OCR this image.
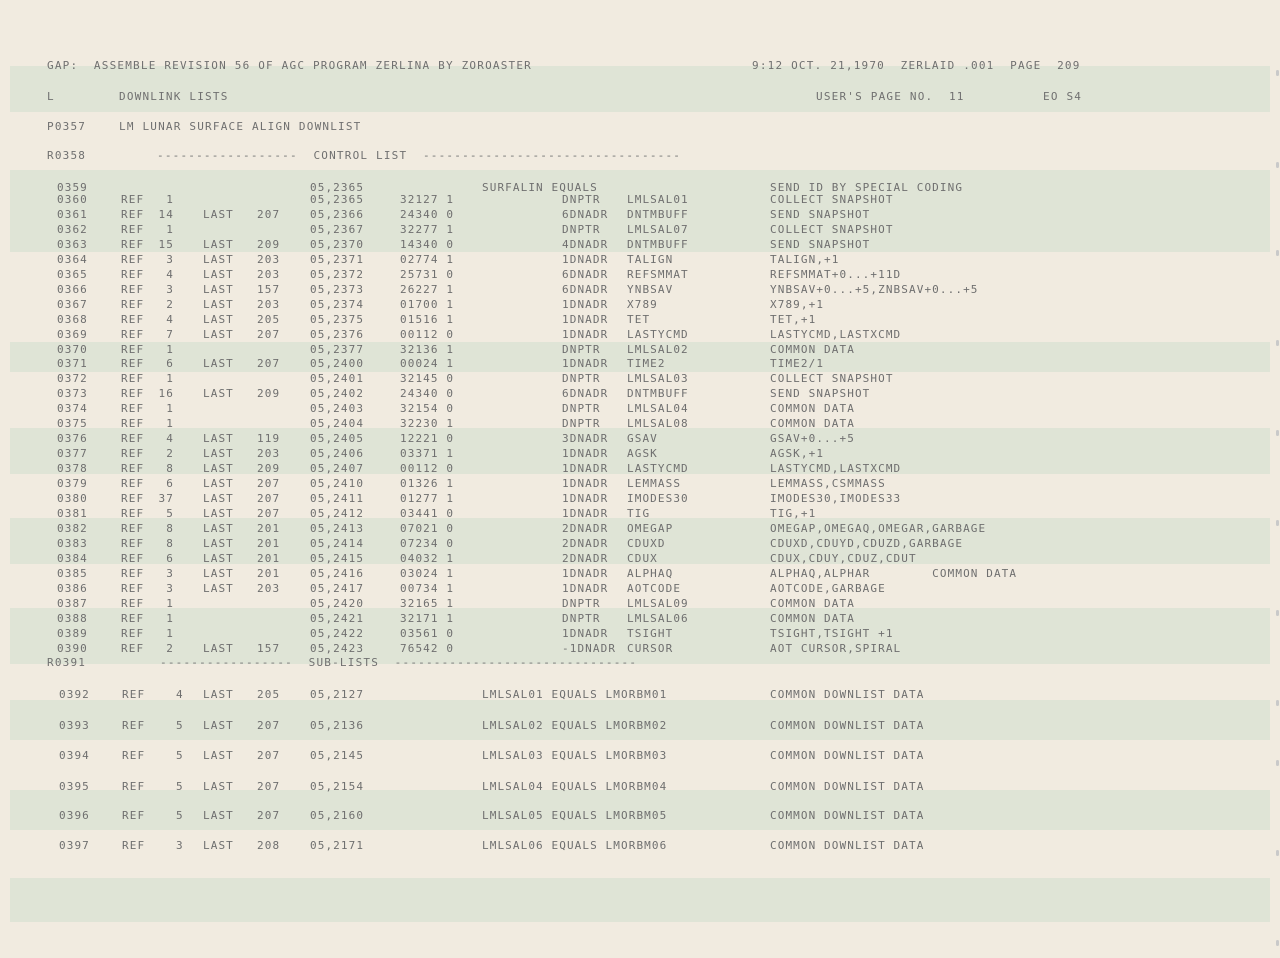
GAP:  ASSEMBLE REVISION 56 OF AGC PROGRAM ZERLINA BY ZOROASTER	9:12 OCT. 21,1970  ZERLAID .001  PAGE  209
L	DOWNLINK LISTS	USER'S PAGE NO.  11	EO S4
P0357	LM LUNAR SURFACE ALIGN DOWNLIST
R0358	------------------  CONTROL LIST  ---------------------------------
0359	05,2365	SURFALIN EQUALS	SEND ID BY SPECIAL CODING
0360	REF	1	05,2365	32127 1	DNPTR LMLSAL01	COLLECT SNAPSHOT
0361	REF	14	LAST 207	05,2366	24340 0	6DNADR DNTMBUFF	SEND SNAPSHOT
0362	REF	1	05,2367	32277 1	DNPTR LMLSAL07	COLLECT SNAPSHOT
0363	REF	15	LAST 209	05,2370	14340 0	4DNADR DNTMBUFF	SEND SNAPSHOT
0364	REF	3	LAST 203	05,2371	02774 1	1DNADR TALIGN	TALIGN,+1
0365	REF	4	LAST 203	05,2372	25731 0	6DNADR REFSMMAT	REFSMMAT+0...+11D
0366	REF	3	LAST 157	05,2373	26227 1	6DNADR YNBSAV	YNBSAV+0...+5,ZNBSAV+0...+5
0367	REF	2	LAST 203	05,2374	01700 1	1DNADR X789	X789,+1
0368	REF	4	LAST 205	05,2375	01516 1	1DNADR TET	TET,+1
0369	REF	7	LAST 207	05,2376	00112 0	1DNADR LASTYCMD	LASTYCMD,LASTXCMD
0370	REF	1	05,2377	32136 1	DNPTR LMLSAL02	COMMON DATA
0371	REF	6	LAST 207	05,2400	00024 1	1DNADR TIME2	TIME2/1
0372	REF	1	05,2401	32145 0	DNPTR LMLSAL03	COLLECT SNAPSHOT
0373	REF	16	LAST 209	05,2402	24340 0	6DNADR DNTMBUFF	SEND SNAPSHOT
0374	REF	1	05,2403	32154 0	DNPTR LMLSAL04	COMMON DATA
0375	REF	1	05,2404	32230 1	DNPTR LMLSAL08	COMMON DATA
0376	REF	4	LAST 119	05,2405	12221 0	3DNADR GSAV	GSAV+0...+5
0377	REF	2	LAST 203	05,2406	03371 1	1DNADR AGSK	AGSK,+1
0378	REF	8	LAST 209	05,2407	00112 0	1DNADR LASTYCMD	LASTYCMD,LASTXCMD
0379	REF	6	LAST 207	05,2410	01326 1	1DNADR LEMMASS	LEMMASS,CSMMASS
0380	REF	37	LAST 207	05,2411	01277 1	1DNADR IMODES30	IMODES30,IMODES33
0381	REF	5	LAST 207	05,2412	03441 0	1DNADR TIG	TIG,+1
0382	REF	8	LAST 201	05,2413	07021 0	2DNADR OMEGAP	OMEGAP,OMEGAQ,OMEGAR,GARBAGE
0383	REF	8	LAST 201	05,2414	07234 0	2DNADR CDUXD	CDUXD,CDUYD,CDUZD,GARBAGE
0384	REF	6	LAST 201	05,2415	04032 1	2DNADR CDUX	CDUX,CDUY,CDUZ,CDUT
0385	REF	3	LAST 201	05,2416	03024 1	1DNADR ALPHAQ	ALPHAQ,ALPHAR        COMMON DATA
0386	REF	3	LAST 203	05,2417	00734 1	1DNADR AOTCODE	AOTCODE,GARBAGE
0387	REF	1	05,2420	32165 1	DNPTR LMLSAL09	COMMON DATA
0388	REF	1	05,2421	32171 1	DNPTR LMLSAL06	COMMON DATA
0389	REF	1	05,2422	03561 0	1DNADR TSIGHT	TSIGHT,TSIGHT +1
0390	REF	2	LAST 157	05,2423	76542 0	-1DNADR CURSOR	AOT CURSOR,SPIRAL
R0391	-----------------  SUB-LISTS  -------------------------------
0392	REF	4 LAST 205	05,2127	LMLSAL01 EQUALS LMORBM01	COMMON DOWNLIST DATA
0393	REF	5 LAST 207	05,2136	LMLSAL02 EQUALS LMORBM02	COMMON DOWNLIST DATA
0394	REF	5 LAST 207	05,2145	LMLSAL03 EQUALS LMORBM03	COMMON DOWNLIST DATA
0395	REF	5 LAST 207	05,2154	LMLSAL04 EQUALS LMORBM04	COMMON DOWNLIST DATA
0396	REF	5 LAST 207	05,2160	LMLSAL05 EQUALS LMORBM05	COMMON DOWNLIST DATA
0397	REF	3 LAST 208	05,2171	LMLSAL06 EQUALS LMORBM06	COMMON DOWNLIST DATA
